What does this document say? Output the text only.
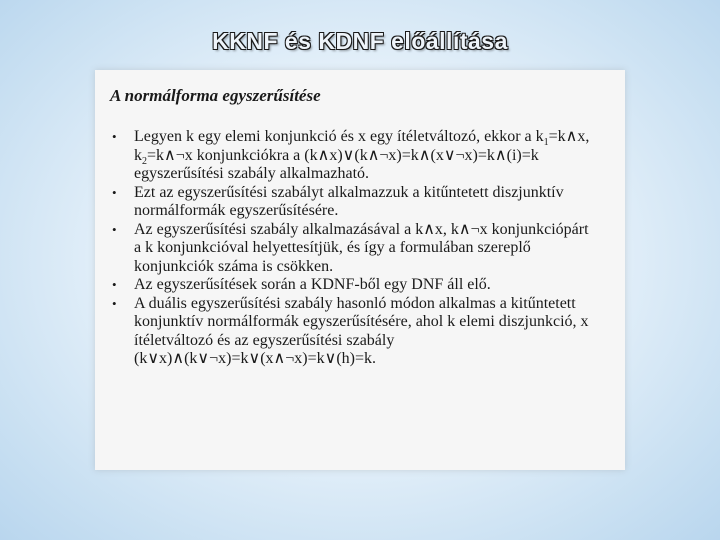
KKNF és KDNF előállítása
A normálforma egyszerűsítése
• Legyen k egy elemi konjunkció és x egy ítéletváltozó, ekkor a $k_1=k\wedge x$, $k_2=k\wedge\neg x$ konjunkciókra a (k∧x)∨(k∧¬x)=k∧(x∨¬x)=k∧(i)=k egyszerűsítési szabály alkalmazható.
• Ezt az egyszerűsítési szabályt alkalmazzuk a kitűntetett diszjunktív normálformák egyszerűsítésére.
• Az egyszerűsítési szabály alkalmazásával a k∧x, k∧¬x konjunkciópárt a k konjunkcióval helyettesítjük, és így a formulában szereplő konjunkciók száma is csökken.
• Az egyszerűsítések során a KDNF-ből egy DNF áll elő.
• A duális egyszerűsítési szabály hasonló módon alkalmas a kitűntetett konjunktív normálformák egyszerűsítésére, ahol k elemi diszjunkció, x ítéletváltozó és az egyszerűsítési szabály (k∨x)∧(k∨¬x)=k∨(x∧¬x)=k∨(h)=k.
